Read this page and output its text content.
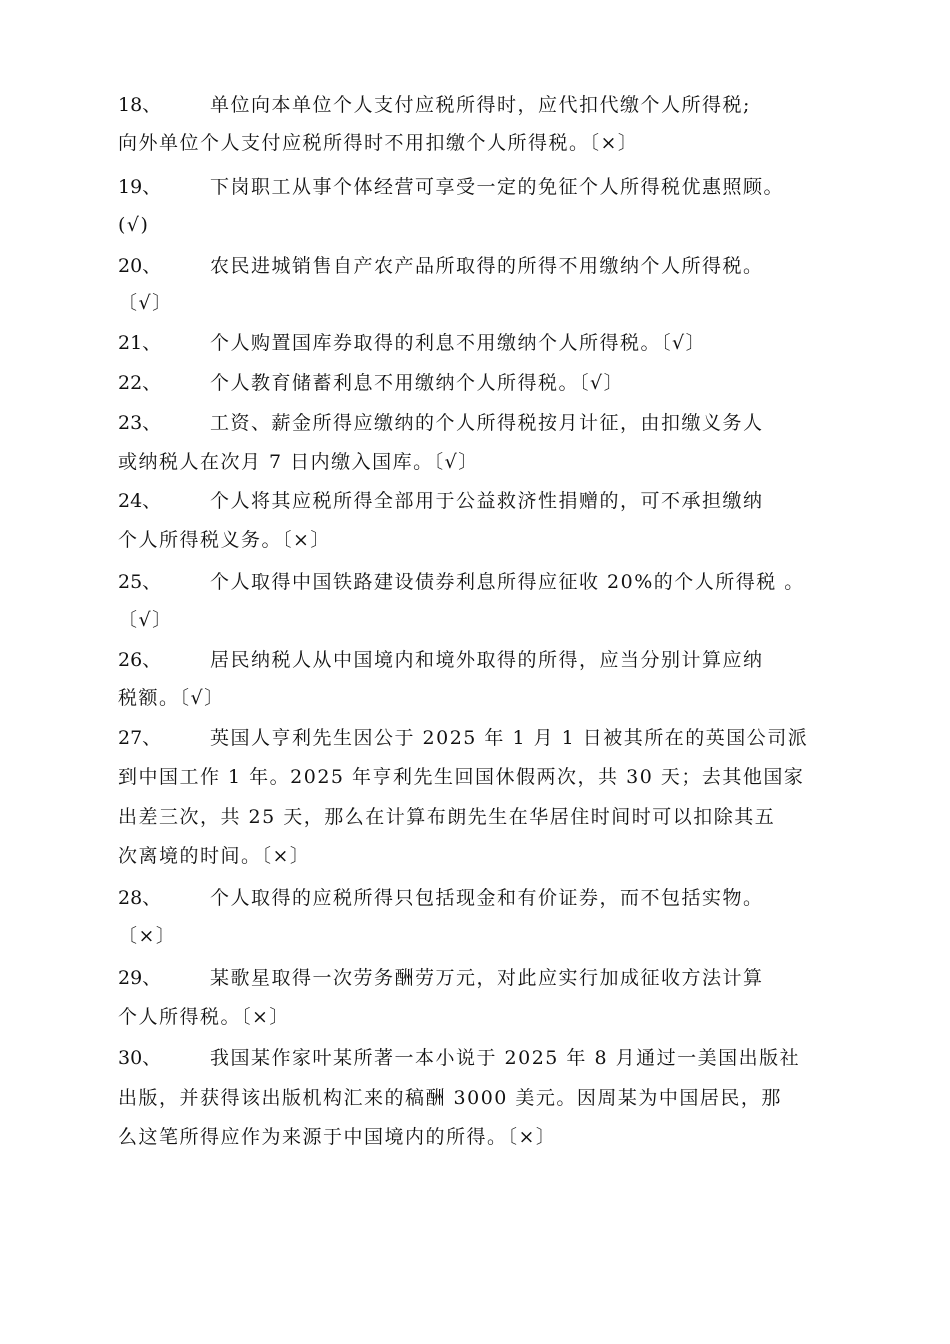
18、	单位向本单位个人支付应税所得时，应代扣代缴个人所得税;
向外单位个人支付应税所得时不用扣缴个人所得税。〔×〕
19、	下岗职工从事个体经营可享受一定的免征个人所得税优惠照顾。
(√)
20、	农民进城销售自产农产品所取得的所得不用缴纳个人所得税。
〔√〕
21、	个人购置国库券取得的利息不用缴纳个人所得税。〔√〕
22、	个人教育储蓄利息不用缴纳个人所得税。〔√〕
23、	工资、薪金所得应缴纳的个人所得税按月计征，由扣缴义务人
或纳税人在次月 7 日内缴入国库。〔√〕
24、	个人将其应税所得全部用于公益救济性捐赠的，可不承担缴纳
个人所得税义务。〔×〕
25、	个人取得中国铁路建设债券利息所得应征收 20%的个人所得税 。
〔√〕
26、	居民纳税人从中国境内和境外取得的所得，应当分别计算应纳
税额。〔√〕
27、	英国人亨利先生因公于 2025 年 1 月 1 日被其所在的英国公司派
到中国工作 1 年。2025 年亨利先生回国休假两次，共 30 天；去其他国家
出差三次，共 25 天，那么在计算布朗先生在华居住时间时可以扣除其五
次离境的时间。〔×〕
28、	个人取得的应税所得只包括现金和有价证券，而不包括实物。
〔×〕
29、	某歌星取得一次劳务酬劳万元，对此应实行加成征收方法计算
个人所得税。〔×〕
30、	我国某作家叶某所著一本小说于 2025 年 8 月通过一美国出版社
出版，并获得该出版机构汇来的稿酬 3000 美元。因周某为中国居民，那
么这笔所得应作为来源于中国境内的所得。〔×〕
